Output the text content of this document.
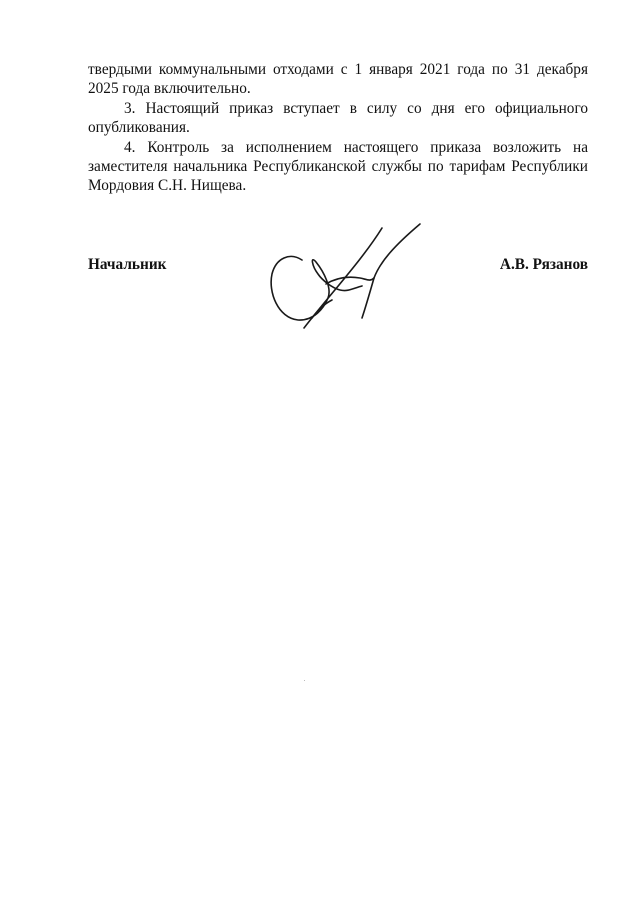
твердыми коммунальными отходами с 1 января 2021 года по 31 декабря 2025 года включительно.

3. Настоящий приказ вступает в силу со дня его официального опубликования.

4. Контроль за исполнением настоящего приказа возложить на заместителя начальника Республиканской службы по тарифам Республики Мордовия С.Н. Нищева.

Начальник	А.В. Рязанов
